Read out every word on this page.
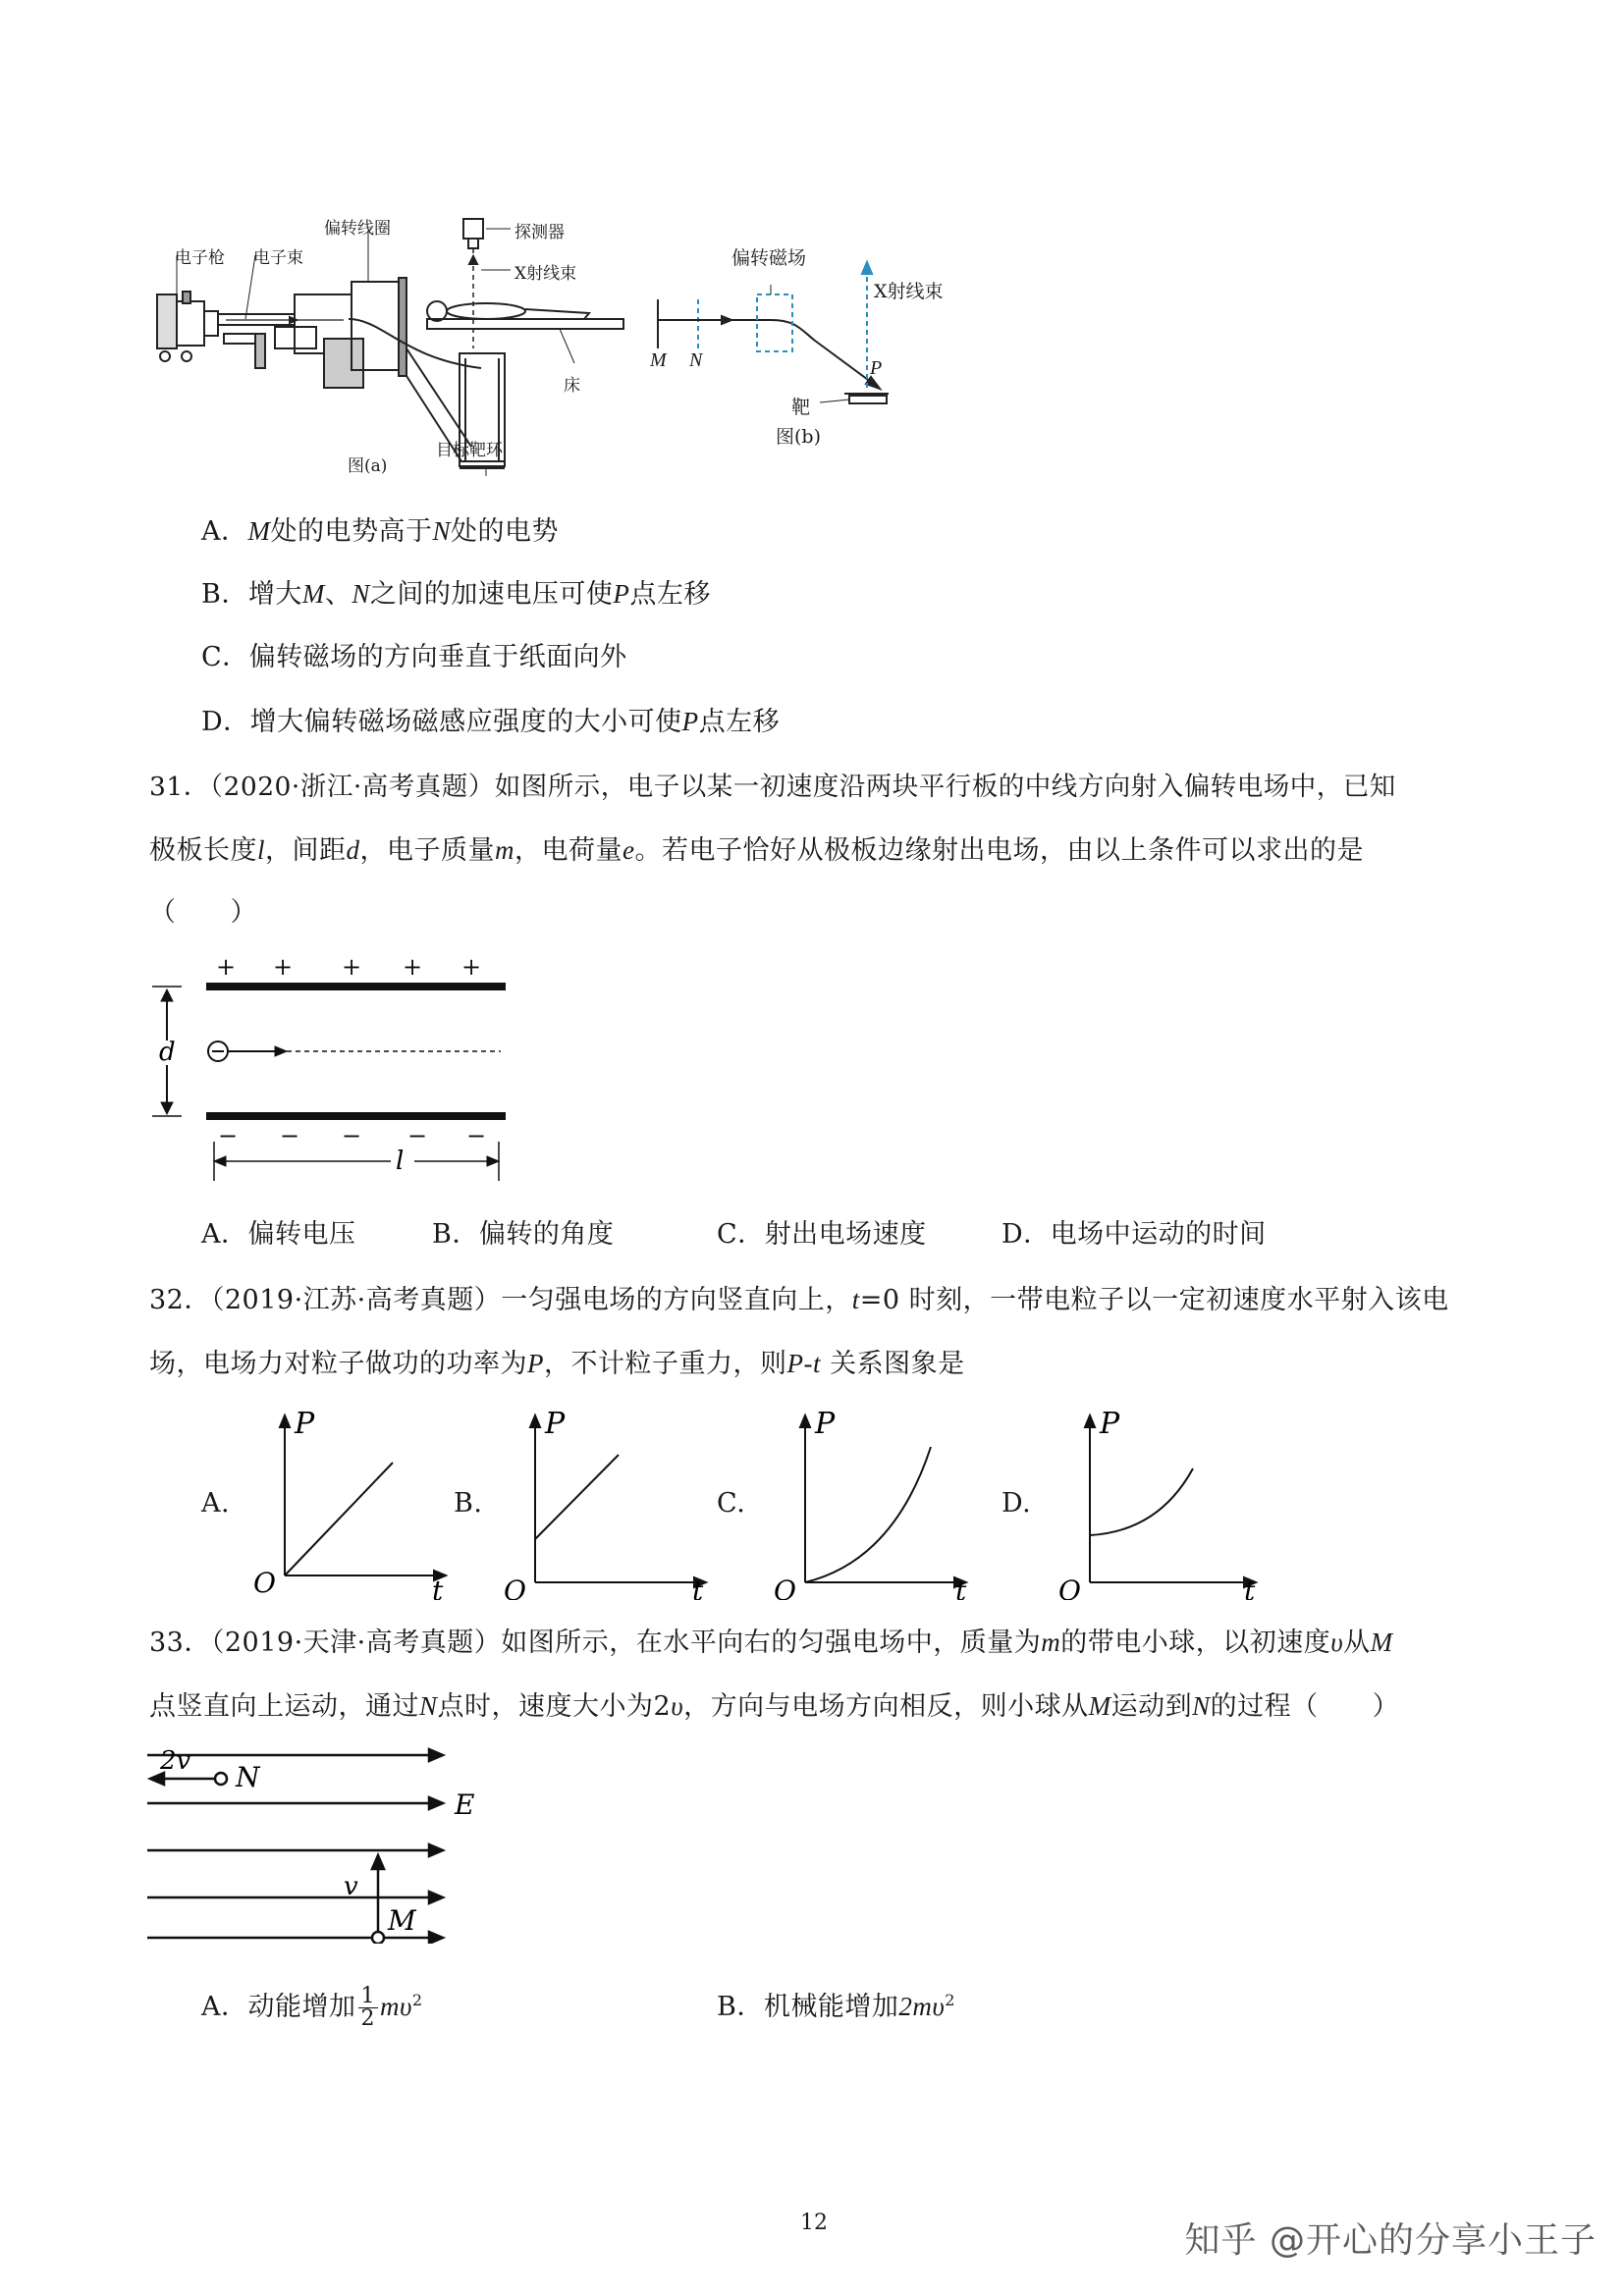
电子枪 电子束
偏转线圈	探测器
X射线束
床
目标靶环
图(a)
偏转磁场
X射线束
M N	P
靶
图(b)
A．M处的电势高于N处的电势
B．增大M、N之间的加速电压可使P点左移
C．偏转磁场的方向垂直于纸面向外
D．增大偏转磁场磁感应强度的大小可使P点左移
31．（2020·浙江·高考真题）如图所示，电子以某一初速度沿两块平行板的中线方向射入偏转电场中，已知
极板长度l，间距d，电子质量m，电荷量e。若电子恰好从极板边缘射出电场，由以上条件可以求出的是
（　　）
+ + + + +
− − − − −
d
l
A．偏转电压	B．偏转的角度	C．射出电场速度	D．电场中运动的时间
32．（2019·江苏·高考真题）一匀强电场的方向竖直向上，t=0 时刻，一带电粒子以一定初速度水平射入该电
场，电场力对粒子做功的功率为P，不计粒子重力，则P-t 关系图象是
A.
P
O	t
B.
P
O	t
C.
P
O	t
D.
P
O	t
33．（2019·天津·高考真题）如图所示，在水平向右的匀强电场中，质量为m的带电小球，以初速度υ从M
点竖直向上运动，通过N点时，速度大小为2υ，方向与电场方向相反，则小球从M运动到N的过程（　　）
2v N
E
v
M
A．动能增加 $\frac{1}{2} m\upsilon^2$	B．机械能增加$2m\upsilon^2$
12	知乎 @开心的分享小王子
